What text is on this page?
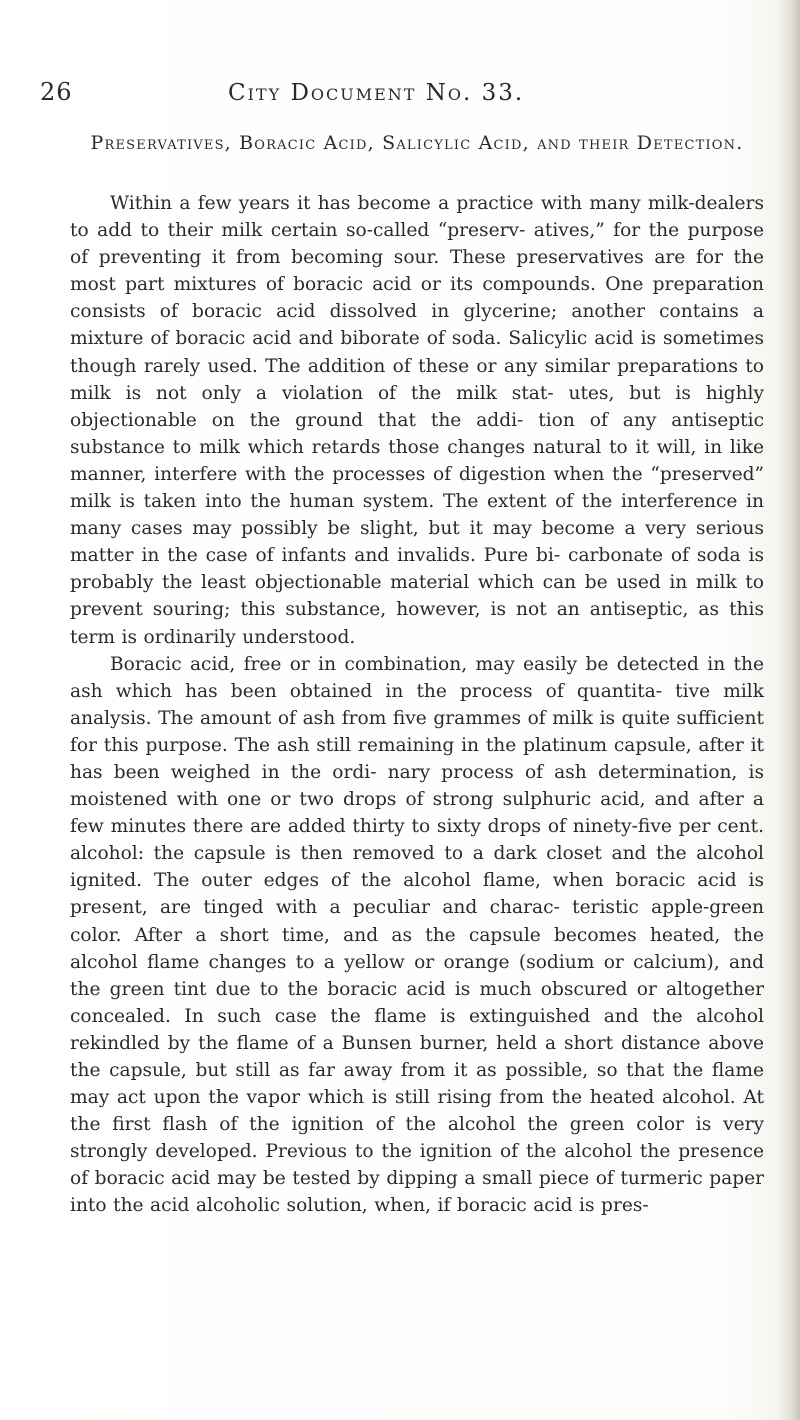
26	City Document No. 33.
Preservatives, Boracic Acid, Salicylic Acid, and their Detection.

Within a few years it has become a practice with many milk-dealers to add to their milk certain so-called “preserv- atives,” for the purpose of preventing it from becoming sour. These preservatives are for the most part mixtures of boracic acid or its compounds. One preparation consists of boracic acid dissolved in glycerine; another contains a mixture of boracic acid and biborate of soda. Salicylic acid is sometimes though rarely used. The addition of these or any similar preparations to milk is not only a violation of the milk stat- utes, but is highly objectionable on the ground that the addi- tion of any antiseptic substance to milk which retards those changes natural to it will, in like manner, interfere with the processes of digestion when the “preserved” milk is taken into the human system. The extent of the interference in many cases may possibly be slight, but it may become a very serious matter in the case of infants and invalids. Pure bi- carbonate of soda is probably the least objectionable material which can be used in milk to prevent souring; this substance, however, is not an antiseptic, as this term is ordinarily understood.

Boracic acid, free or in combination, may easily be detected in the ash which has been obtained in the process of quantita- tive milk analysis. The amount of ash from five grammes of milk is quite sufficient for this purpose. The ash still remaining in the platinum capsule, after it has been weighed in the ordi- nary process of ash determination, is moistened with one or two drops of strong sulphuric acid, and after a few minutes there are added thirty to sixty drops of ninety-five per cent. alcohol: the capsule is then removed to a dark closet and the alcohol ignited. The outer edges of the alcohol flame, when boracic acid is present, are tinged with a peculiar and charac- teristic apple-green color. After a short time, and as the capsule becomes heated, the alcohol flame changes to a yellow or orange (sodium or calcium), and the green tint due to the boracic acid is much obscured or altogether concealed. In such case the flame is extinguished and the alcohol rekindled by the flame of a Bunsen burner, held a short distance above the capsule, but still as far away from it as possible, so that the flame may act upon the vapor which is still rising from the heated alcohol. At the first flash of the ignition of the alcohol the green color is very strongly developed. Previous to the ignition of the alcohol the presence of boracic acid may be tested by dipping a small piece of turmeric paper into the acid alcoholic solution, when, if boracic acid is pres-
